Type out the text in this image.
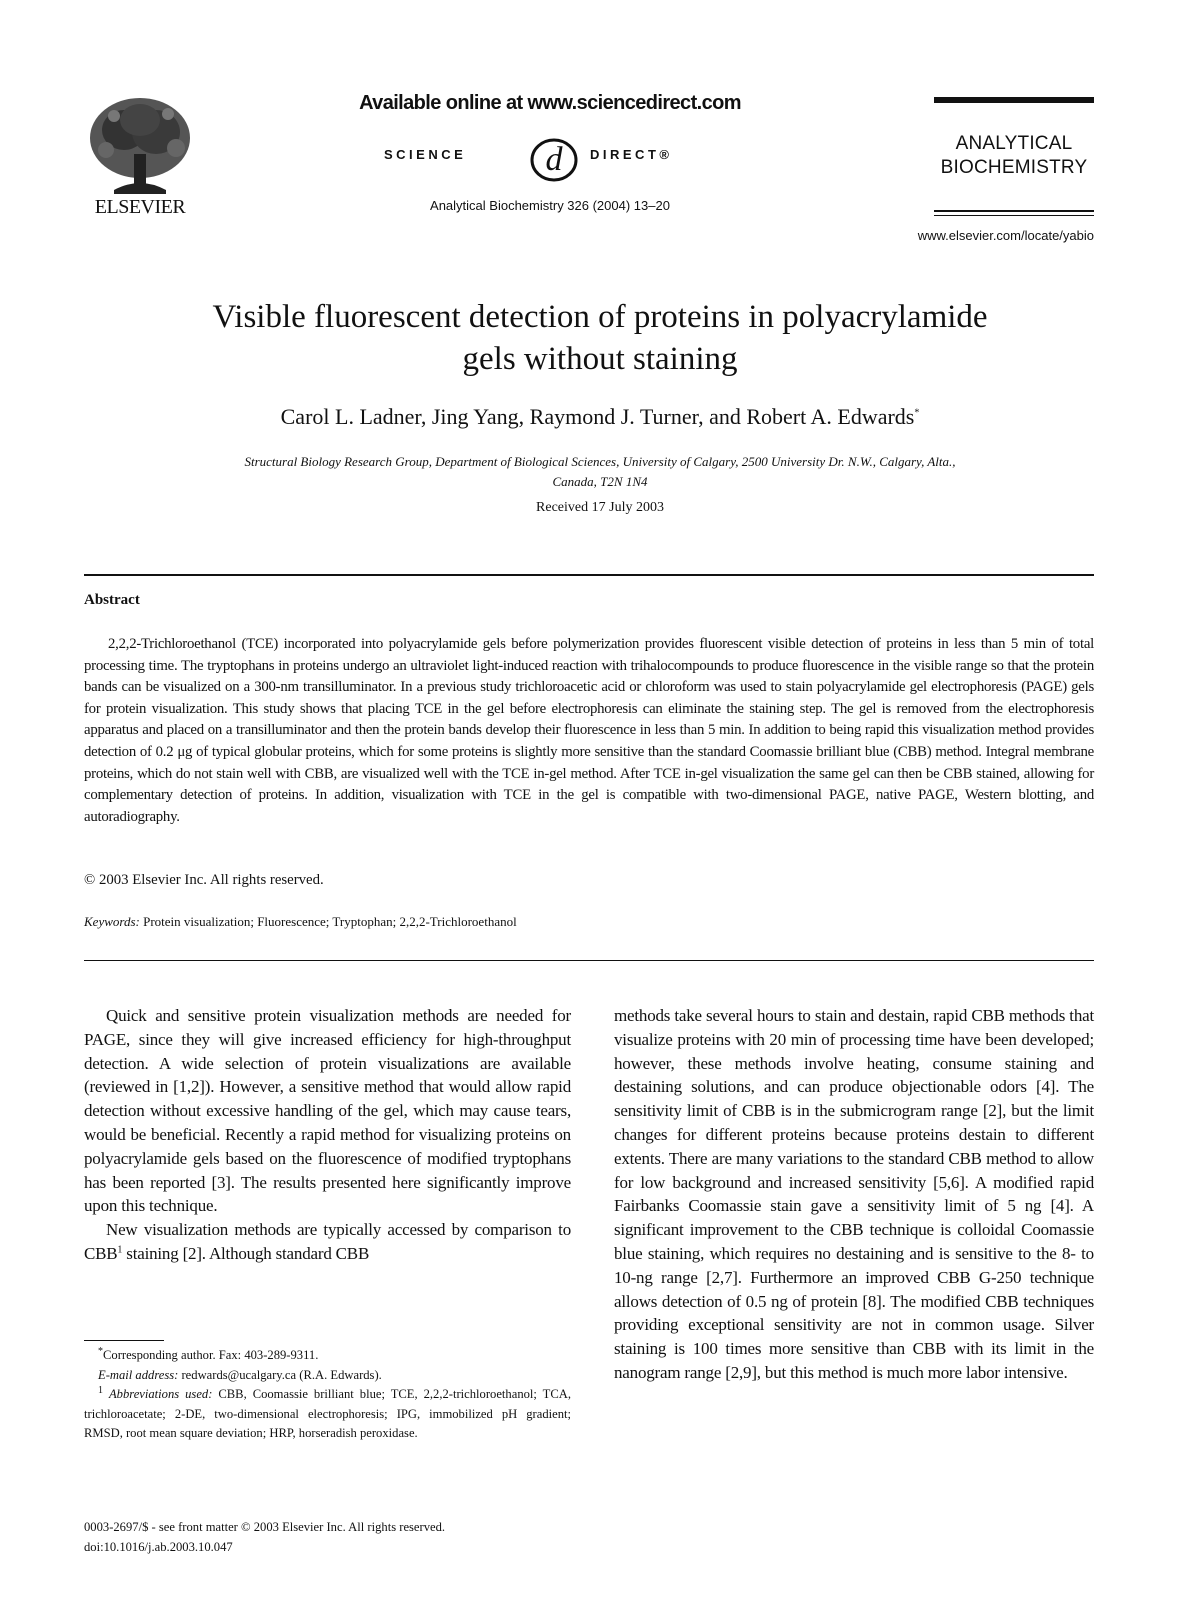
ELSEVIER
Available online at www.sciencedirect.com
SCIENCE d DIRECT®
Analytical Biochemistry 326 (2004) 13–20
ANALYTICAL
BIOCHEMISTRY
www.elsevier.com/locate/yabio
Visible fluorescent detection of proteins in polyacrylamide
gels without staining
Carol L. Ladner, Jing Yang, Raymond J. Turner, and Robert A. Edwards*
Structural Biology Research Group, Department of Biological Sciences, University of Calgary, 2500 University Dr. N.W., Calgary, Alta.,
Canada, T2N 1N4
Received 17 July 2003
Abstract
2,2,2-Trichloroethanol (TCE) incorporated into polyacrylamide gels before polymerization provides fluorescent visible detection of proteins in less than 5 min of total processing time. The tryptophans in proteins undergo an ultraviolet light-induced reaction with trihalocompounds to produce fluorescence in the visible range so that the protein bands can be visualized on a 300-nm transilluminator. In a previous study trichloroacetic acid or chloroform was used to stain polyacrylamide gel electrophoresis (PAGE) gels for protein visualization. This study shows that placing TCE in the gel before electrophoresis can eliminate the staining step. The gel is removed from the electrophoresis apparatus and placed on a transilluminator and then the protein bands develop their fluorescence in less than 5 min. In addition to being rapid this visualization method provides detection of 0.2 μg of typical globular proteins, which for some proteins is slightly more sensitive than the standard Coomassie brilliant blue (CBB) method. Integral membrane proteins, which do not stain well with CBB, are visualized well with the TCE in-gel method. After TCE in-gel visualization the same gel can then be CBB stained, allowing for complementary detection of proteins. In addition, visualization with TCE in the gel is compatible with two-dimensional PAGE, native PAGE, Western blotting, and autoradiography.
© 2003 Elsevier Inc. All rights reserved.
Keywords: Protein visualization; Fluorescence; Tryptophan; 2,2,2-Trichloroethanol

Quick and sensitive protein visualization methods are needed for PAGE, since they will give increased efficiency for high-throughput detection. A wide selection of protein visualizations are available (reviewed in [1,2]). However, a sensitive method that would allow rapid detection without excessive handling of the gel, which may cause tears, would be beneficial. Recently a rapid method for visualizing proteins on polyacrylamide gels based on the fluorescence of modified tryptophans has been reported [3]. The results presented here significantly improve upon this technique.

New visualization methods are typically accessed by comparison to CBB$^1$ staining [2]. Although standard CBB

methods take several hours to stain and destain, rapid CBB methods that visualize proteins with 20 min of processing time have been developed; however, these methods involve heating, consume staining and destaining solutions, and can produce objectionable odors [4]. The sensitivity limit of CBB is in the submicrogram range [2], but the limit changes for different proteins because proteins destain to different extents. There are many variations to the standard CBB method to allow for low background and increased sensitivity [5,6]. A modified rapid Fairbanks Coomassie stain gave a sensitivity limit of 5 ng [4]. A significant improvement to the CBB technique is colloidal Coomassie blue staining, which requires no destaining and is sensitive to the 8- to 10-ng range [2,7]. Furthermore an improved CBB G-250 technique allows detection of 0.5 ng of protein [8]. The modified CBB techniques providing exceptional sensitivity are not in common usage. Silver staining is 100 times more sensitive than CBB with its limit in the nanogram range [2,9], but this method is much more labor intensive.

*Corresponding author. Fax: 403-289-9311.
E-mail address: redwards@ucalgary.ca (R.A. Edwards).
$^1$ Abbreviations used: CBB, Coomassie brilliant blue; TCE, 2,2,2-trichloroethanol; TCA, trichloroacetate; 2-DE, two-dimensional electrophoresis; IPG, immobilized pH gradient; RMSD, root mean square deviation; HRP, horseradish peroxidase.
0003-2697/$ - see front matter © 2003 Elsevier Inc. All rights reserved.
doi:10.1016/j.ab.2003.10.047
